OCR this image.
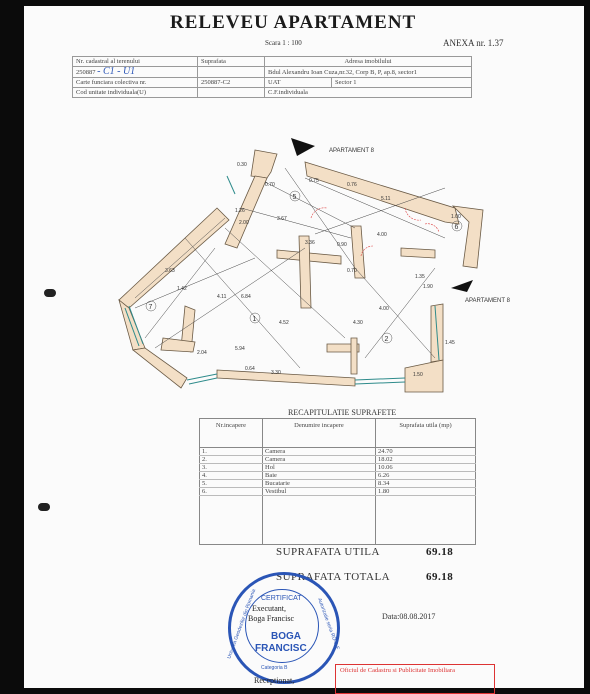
RELEVEU APARTAMENT
Scara 1 : 100	ANEXA nr. 1.37
Nr. cadastral al terenului	Suprafata	Adresa imobilului	
250887 - C1 - U1		Bdul Alexandru Ioan Cuza,nr.32, Corp B, P, ap.8, sector1	
Carte funciara colectiva nr.	250887-C2	UAT	Sector 1
Cod unitate individuala(U)		C.F.individuala	
APARTAMENT 8
APARTAMENT 8
1
2
5
6
7
0.30
0.70
0.75
0.76
5.11
1.00
4.00
3.67
1.26
2.00
3.36	0.90
1.35
0.70
4.00
4.30
1.90
4.11	6.84
4.52
5.94
3.30
0.64
1.50
3.63
1.42
2.04
1.45
RECAPITULATIE SUPRAFETE
Nr.incapere	Denumire incapere	Suprafata utila (mp)
1.	Camera	24.70
2.	Camera	18.02
3.	Hol	10.06
4.	Baie	6.26
5.	Bucatarie	8.34
6.	Vestibul	1.80

SUPRAFATA UTILA	69.18
SUPRAFATA TOTALA	69.18
Uniunea Geodezilor din Romania	Autorizatie seria RO-B-F
CERTIFICAT
BOGA
FRANCISC
Categoria B
Executant,
Boga Francisc
Receptionat,
Data:08.08.2017
Oficiul de Cadastru si Publicitate Imobiliara
